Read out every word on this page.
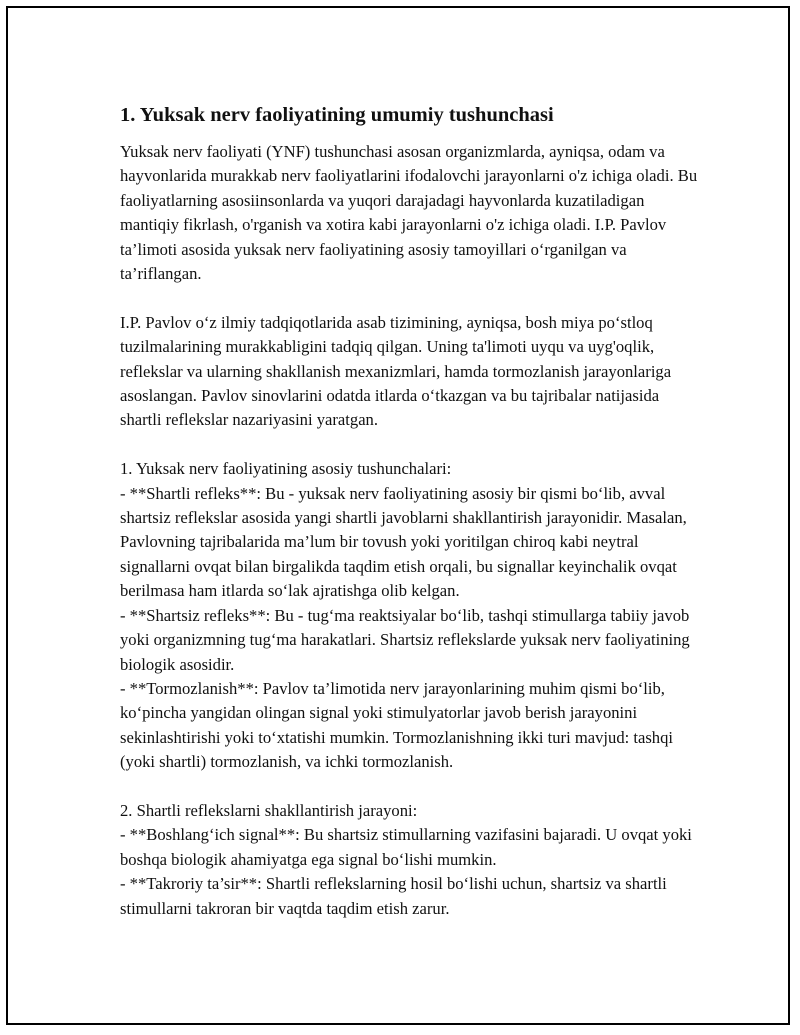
1. Yuksak nerv faoliyatining umumiy tushunchasi

Yuksak nerv faoliyati (YNF) tushunchasi asosan organizmlarda, ayniqsa, odam va hayvonlarida murakkab nerv faoliyatlarini ifodalovchi jarayonlarni o'z ichiga oladi. Bu faoliyatlarning asosiinsonlarda va yuqori darajadagi hayvonlarda kuzatiladigan mantiqiy fikrlash, o'rganish va xotira kabi jarayonlarni o'z ichiga oladi. I.P. Pavlov ta’limoti asosida yuksak nerv faoliyatining asosiy tamoyillari o‘rganilgan va ta’riflangan.

I.P. Pavlov o‘z ilmiy tadqiqotlarida asab tizimining, ayniqsa, bosh miya po‘stloq tuzilmalarining murakkabligini tadqiq qilgan. Uning ta'limoti uyqu va uyg'oqlik, reflekslar va ularning shakllanish mexanizmlari, hamda tormozlanish jarayonlariga asoslangan. Pavlov sinovlarini odatda itlarda o‘tkazgan va bu tajribalar natijasida shartli reflekslar nazariyasini yaratgan.

1. Yuksak nerv faoliyatining asosiy tushunchalari:
- **Shartli refleks**: Bu - yuksak nerv faoliyatining asosiy bir qismi bo‘lib, avval shartsiz reflekslar asosida yangi shartli javoblarni shakllantirish jarayonidir. Masalan, Pavlovning tajribalarida ma’lum bir tovush yoki yoritilgan chiroq kabi neytral signallarni ovqat bilan birgalikda taqdim etish orqali, bu signallar keyinchalik ovqat berilmasa ham itlarda so‘lak ajratishga olib kelgan.
- **Shartsiz refleks**: Bu - tug‘ma reaktsiyalar bo‘lib, tashqi stimullarga tabiiy javob yoki organizmning tug‘ma harakatlari. Shartsiz reflekslarde yuksak nerv faoliyatining biologik asosidir.
- **Tormozlanish**: Pavlov ta’limotida nerv jarayonlarining muhim qismi bo‘lib, ko‘pincha yangidan olingan signal yoki stimulyatorlar javob berish jarayonini sekinlashtirishi yoki to‘xtatishi mumkin. Tormozlanishning ikki turi mavjud: tashqi (yoki shartli) tormozlanish, va ichki tormozlanish.
2. Shartli reflekslarni shakllantirish jarayoni:
- **Boshlang‘ich signal**: Bu shartsiz stimullarning vazifasini bajaradi. U ovqat yoki boshqa biologik ahamiyatga ega signal bo‘lishi mumkin.
- **Takroriy ta’sir**: Shartli reflekslarning hosil bo‘lishi uchun, shartsiz va shartli stimullarni takroran bir vaqtda taqdim etish zarur.
